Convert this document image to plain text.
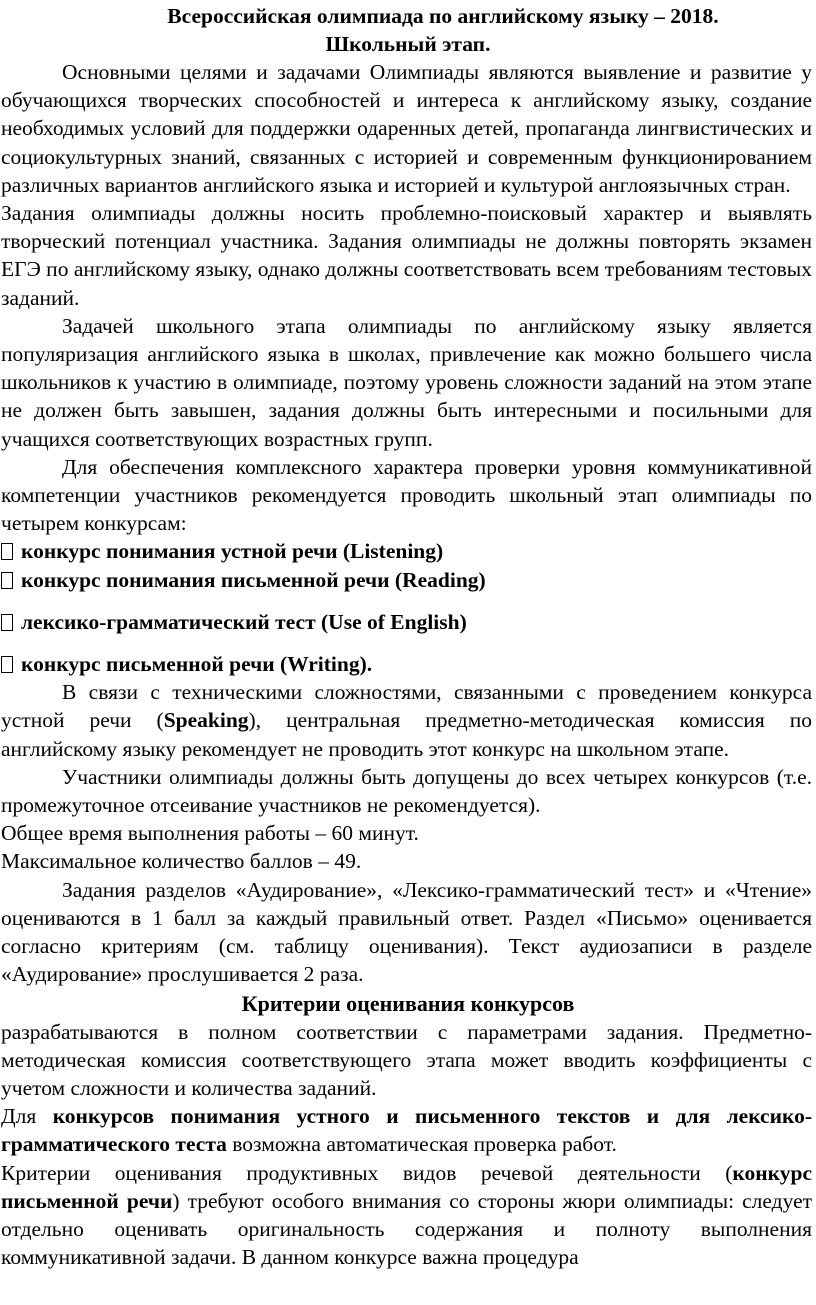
Всероссийская олимпиада по английскому языку – 2018.
Школьный этап.

Основными целями и задачами Олимпиады являются выявление и развитие у обучающихся творческих способностей и интереса к английскому языку, создание необходимых условий для поддержки одаренных детей, пропаганда лингвистических и социокультурных знаний, связанных с историей и современным функционированием различных вариантов английского языка и историей и культурой англоязычных стран.

Задания олимпиады должны носить проблемно-поисковый характер и выявлять творческий потенциал участника. Задания олимпиады не должны повторять экзамен ЕГЭ по английскому языку, однако должны соответствовать всем требованиям тестовых заданий.

Задачей школьного этапа олимпиады по английскому языку является популяризация английского языка в школах, привлечение как можно большего числа школьников к участию в олимпиаде, поэтому уровень сложности заданий на этом этапе не должен быть завышен, задания должны быть интересными и посильными для учащихся соответствующих возрастных групп.

Для обеспечения комплексного характера проверки уровня коммуникативной компетенции участников рекомендуется проводить школьный этап олимпиады по четырем конкурсам:

конкурс понимания устной речи (Listening)

конкурс понимания письменной речи (Reading)

лексико-грамматический тест (Use of English)

конкурс письменной речи (Writing).

В связи с техническими сложностями, связанными с проведением конкурса устной речи (Speaking), центральная предметно-методическая комиссия по английскому языку рекомендует не проводить этот конкурс на школьном этапе.

Участники олимпиады должны быть допущены до всех четырех конкурсов (т.е. промежуточное отсеивание участников не рекомендуется).

Общее время выполнения работы – 60 минут.

Максимальное количество баллов – 49.

Задания разделов «Аудирование», «Лексико-грамматический тест» и «Чтение» оцениваются в 1 балл за каждый правильный ответ. Раздел «Письмо» оценивается согласно критериям (см. таблицу оценивания). Текст аудиозаписи в разделе «Аудирование» прослушивается 2 раза.

Критерии оценивания конкурсов

разрабатываются в полном соответствии с параметрами задания. Предметно-методическая комиссия соответствующего этапа может вводить коэффициенты с учетом сложности и количества заданий.

Для конкурсов понимания устного и письменного текстов и для лексико-грамматического теста возможна автоматическая проверка работ.

Критерии оценивания продуктивных видов речевой деятельности (конкурс письменной речи) требуют особого внимания со стороны жюри олимпиады: следует отдельно оценивать оригинальность содержания и полноту выполнения коммуникативной задачи. В данном конкурсе важна процедура
